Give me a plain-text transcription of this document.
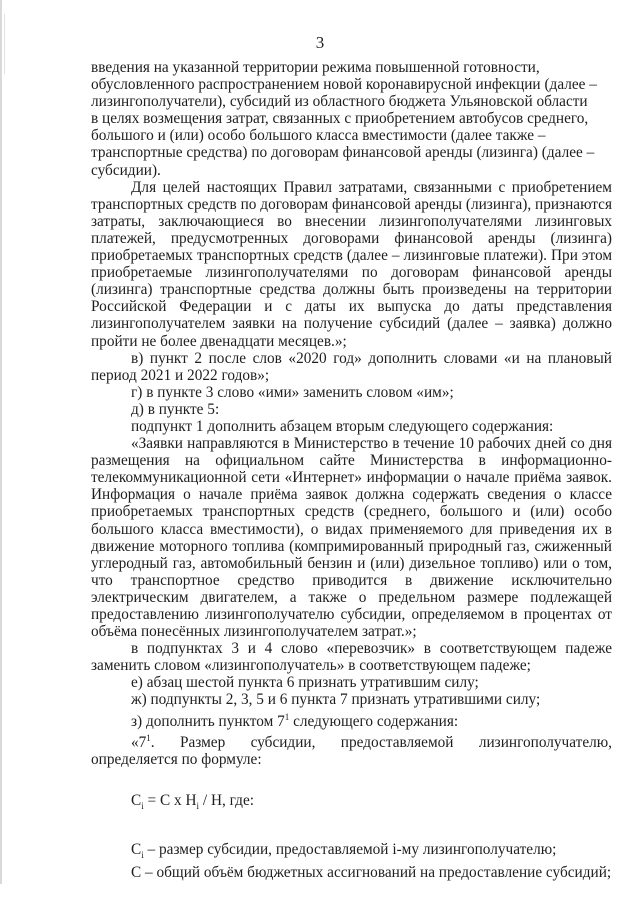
3

введения на указанной территории режима повышенной готовности,

обусловленного распространением новой коронавирусной инфекции (далее –

лизингополучатели), субсидий из областного бюджета Ульяновской области

в целях возмещения затрат, связанных с приобретением автобусов среднего,

большого и (или) особо большого класса вместимости (далее также –

транспортные средства) по договорам финансовой аренды (лизинга) (далее –

субсидии).

Для целей настоящих Правил затратами, связанными с приобретением транспортных средств по договорам финансовой аренды (лизинга), признаются затраты, заключающиеся во внесении лизингополучателями лизинговых платежей, предусмотренных договорами финансовой аренды (лизинга) приобретаемых транспортных средств (далее – лизинговые платежи). При этом приобретаемые лизингополучателями по договорам финансовой аренды (лизинга) транспортные средства должны быть произведены на территории Российской Федерации и с даты их выпуска до даты представления лизингополучателем заявки на получение субсидий (далее – заявка) должно пройти не более двенадцати месяцев.»;

в) пункт 2 после слов «2020 год» дополнить словами «и на плановый период 2021 и 2022 годов»;

г) в пункте 3 слово «ими» заменить словом «им»;

д) в пункте 5:

подпункт 1 дополнить абзацем вторым следующего содержания:

«Заявки направляются в Министерство в течение 10 рабочих дней со дня размещения на официальном сайте Министерства в информационно-телекоммуникационной сети «Интернет» информации о начале приёма заявок. Информация о начале приёма заявок должна содержать сведения о классе приобретаемых транспортных средств (среднего, большого и (или) особо большого класса вместимости), о видах применяемого для приведения их в движение моторного топлива (компримированный природный газ, сжиженный углеродный газ, автомобильный бензин и (или) дизельное топливо) или о том, что транспортное средство приводится в движение исключительно электрическим двигателем, а также о предельном размере подлежащей предоставлению лизингополучателю субсидии, определяемом в процентах от объёма понесённых лизингополучателем затрат.»;

в подпунктах 3 и 4 слово «перевозчик» в соответствующем падеже заменить словом «лизингополучатель» в соответствующем падеже;

е) абзац шестой пункта 6 признать утратившим силу;

ж) подпункты 2, 3, 5 и 6 пункта 7 признать утратившими силу;

з) дополнить пунктом $7^1$ следующего содержания:

«$7^1$. Размер субсидии, предоставляемой лизингополучателю, определяется по формуле:

$C_i = C$ x $H_i$ / H, где:

$C_i$ – размер субсидии, предоставляемой i-му лизингополучателю;

C – общий объём бюджетных ассигнований на предоставление субсидий;
